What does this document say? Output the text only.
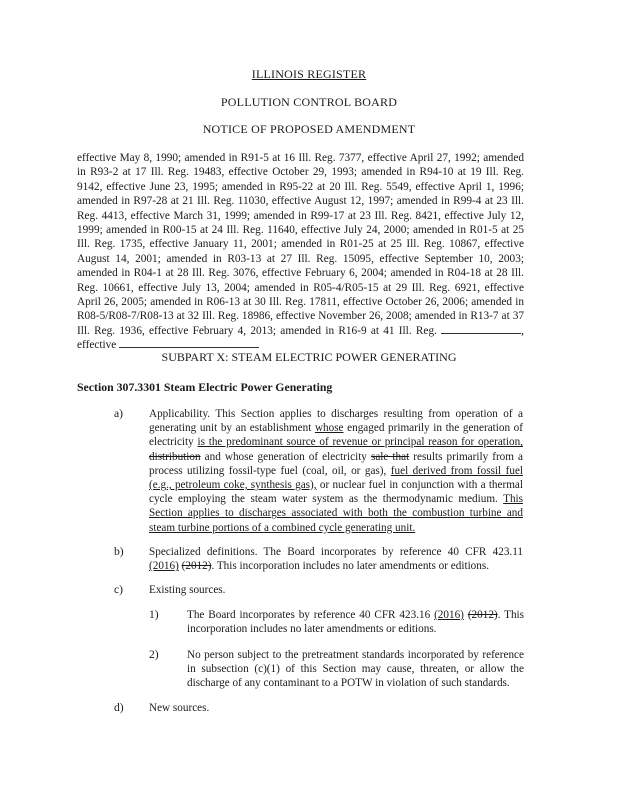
ILLINOIS REGISTER
POLLUTION CONTROL BOARD
NOTICE OF PROPOSED AMENDMENT
effective May 8, 1990; amended in R91-5 at 16 Ill. Reg. 7377, effective April 27, 1992; amended in R93-2 at 17 Ill. Reg. 19483, effective October 29, 1993; amended in R94-10 at 19 Ill. Reg. 9142, effective June 23, 1995; amended in R95-22 at 20 Ill. Reg. 5549, effective April 1, 1996; amended in R97-28 at 21 Ill. Reg. 11030, effective August 12, 1997; amended in R99-4 at 23 Ill. Reg. 4413, effective March 31, 1999; amended in R99-17 at 23 Ill. Reg. 8421, effective July 12, 1999; amended in R00-15 at 24 Ill. Reg. 11640, effective July 24, 2000; amended in R01-5 at 25 Ill. Reg. 1735, effective January 11, 2001; amended in R01-25 at 25 Ill. Reg. 10867, effective August 14, 2001; amended in R03-13 at 27 Ill. Reg. 15095, effective September 10, 2003; amended in R04-1 at 28 Ill. Reg. 3076, effective February 6, 2004; amended in R04-18 at 28 Ill. Reg. 10661, effective July 13, 2004; amended in R05-4/R05-15 at 29 Ill. Reg. 6921, effective April 26, 2005; amended in R06-13 at 30 Ill. Reg. 17811, effective October 26, 2006; amended in R08-5/R08-7/R08-13 at 32 Ill. Reg. 18986, effective November 26, 2008; amended in R13-7 at 37 Ill. Reg. 1936, effective February 4, 2013; amended in R16-9 at 41 Ill. Reg.	, effective
SUBPART X: STEAM ELECTRIC POWER GENERATING
Section 307.3301 Steam Electric Power Generating
a) Applicability. This Section applies to discharges resulting from operation of a generating unit by an establishment whose engaged primarily in the generation of electricity is the predominant source of revenue or principal reason for operation, distribution and whose generation of electricity sale that results primarily from a process utilizing fossil-type fuel (coal, oil, or gas), fuel derived from fossil fuel (e.g., petroleum coke, synthesis gas), or nuclear fuel in conjunction with a thermal cycle employing the steam water system as the thermodynamic medium. This Section applies to discharges associated with both the combustion turbine and steam turbine portions of a combined cycle generating unit.
b) Specialized definitions. The Board incorporates by reference 40 CFR 423.11 (2016) (2012). This incorporation includes no later amendments or editions.
c) Existing sources.
1)	The Board incorporates by reference 40 CFR 423.16 (2016) (2012). This incorporation includes no later amendments or editions.
2)	No person subject to the pretreatment standards incorporated by reference in subsection (c)(1) of this Section may cause, threaten, or allow the discharge of any contaminant to a POTW in violation of such standards.
d) New sources.
